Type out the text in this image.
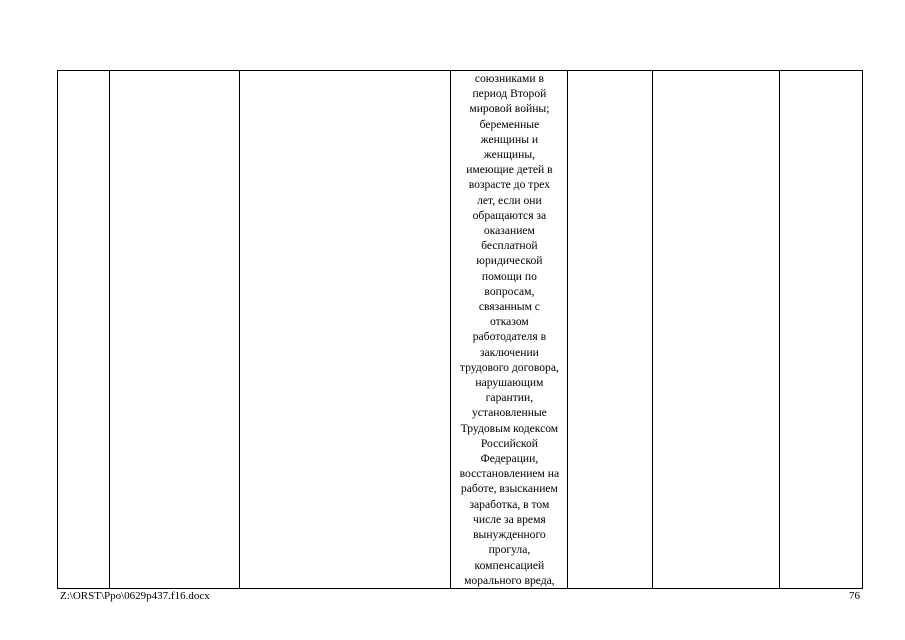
союзниками в
период Второй
мировой войны;
беременные
женщины и
женщины,
имеющие детей в
возрасте до трех
лет, если они
обращаются за
оказанием
бесплатной
юридической
помощи по
вопросам,
связанным с
отказом
работодателя в
заключении
трудового договора,
нарушающим
гарантии,
установленные
Трудовым кодексом
Российской
Федерации,
восстановлением на
работе, взысканием
заработка, в том
числе за время
вынужденного
прогула,
компенсацией
морального вреда,

Z:\ORST\Ppo\0629p437.f16.docx	76
